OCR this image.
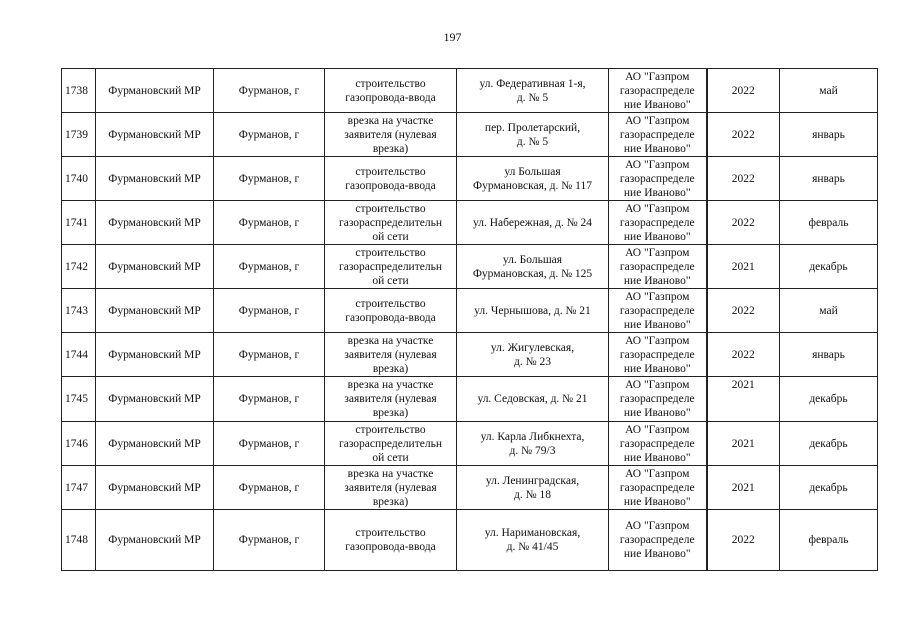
197
1738	Фурмановский МР	Фурманов, г	строительство
газопровода-ввода	ул. Федеративная 1-я,
д. № 5	АО "Газпром
газораспределе
ние Иваново"	2022	май
1739	Фурмановский МР	Фурманов, г	врезка на участке
заявителя (нулевая
врезка)	пер. Пролетарский,
д. № 5	АО "Газпром
газораспределе
ние Иваново"	2022	январь
1740	Фурмановский МР	Фурманов, г	строительство
газопровода-ввода	ул Большая
Фурмановская, д. № 117	АО "Газпром
газораспределе
ние Иваново"	2022	январь
1741	Фурмановский МР	Фурманов, г	строительство
газораспределительн
ой сети	ул. Набережная, д. № 24	АО "Газпром
газораспределе
ние Иваново"	2022	февраль
1742	Фурмановский МР	Фурманов, г	строительство
газораспределительн
ой сети	ул. Большая
Фурмановская, д. № 125	АО "Газпром
газораспределе
ние Иваново"	2021	декабрь
1743	Фурмановский МР	Фурманов, г	строительство
газопровода-ввода	ул. Чернышова, д. № 21	АО "Газпром
газораспределе
ние Иваново"	2022	май
1744	Фурмановский МР	Фурманов, г	врезка на участке
заявителя (нулевая
врезка)	ул. Жигулевская,
д. № 23	АО "Газпром
газораспределе
ние Иваново"	2022	январь
1745	Фурмановский МР	Фурманов, г	врезка на участке
заявителя (нулевая
врезка)	ул. Седовская, д. № 21	АО "Газпром
газораспределе
ние Иваново"	2021	декабрь
1746	Фурмановский МР	Фурманов, г	строительство
газораспределительн
ой сети	ул. Карла Либкнехта,
д. № 79/3	АО "Газпром
газораспределе
ние Иваново"	2021	декабрь
1747	Фурмановский МР	Фурманов, г	врезка на участке
заявителя (нулевая
врезка)	ул. Ленинградская,
д. № 18	АО "Газпром
газораспределе
ние Иваново"	2021	декабрь
1748	Фурмановский МР	Фурманов, г	строительство
газопровода-ввода	ул. Наримановская,
д. № 41/45	АО "Газпром
газораспределе
ние Иваново"	2022	февраль
